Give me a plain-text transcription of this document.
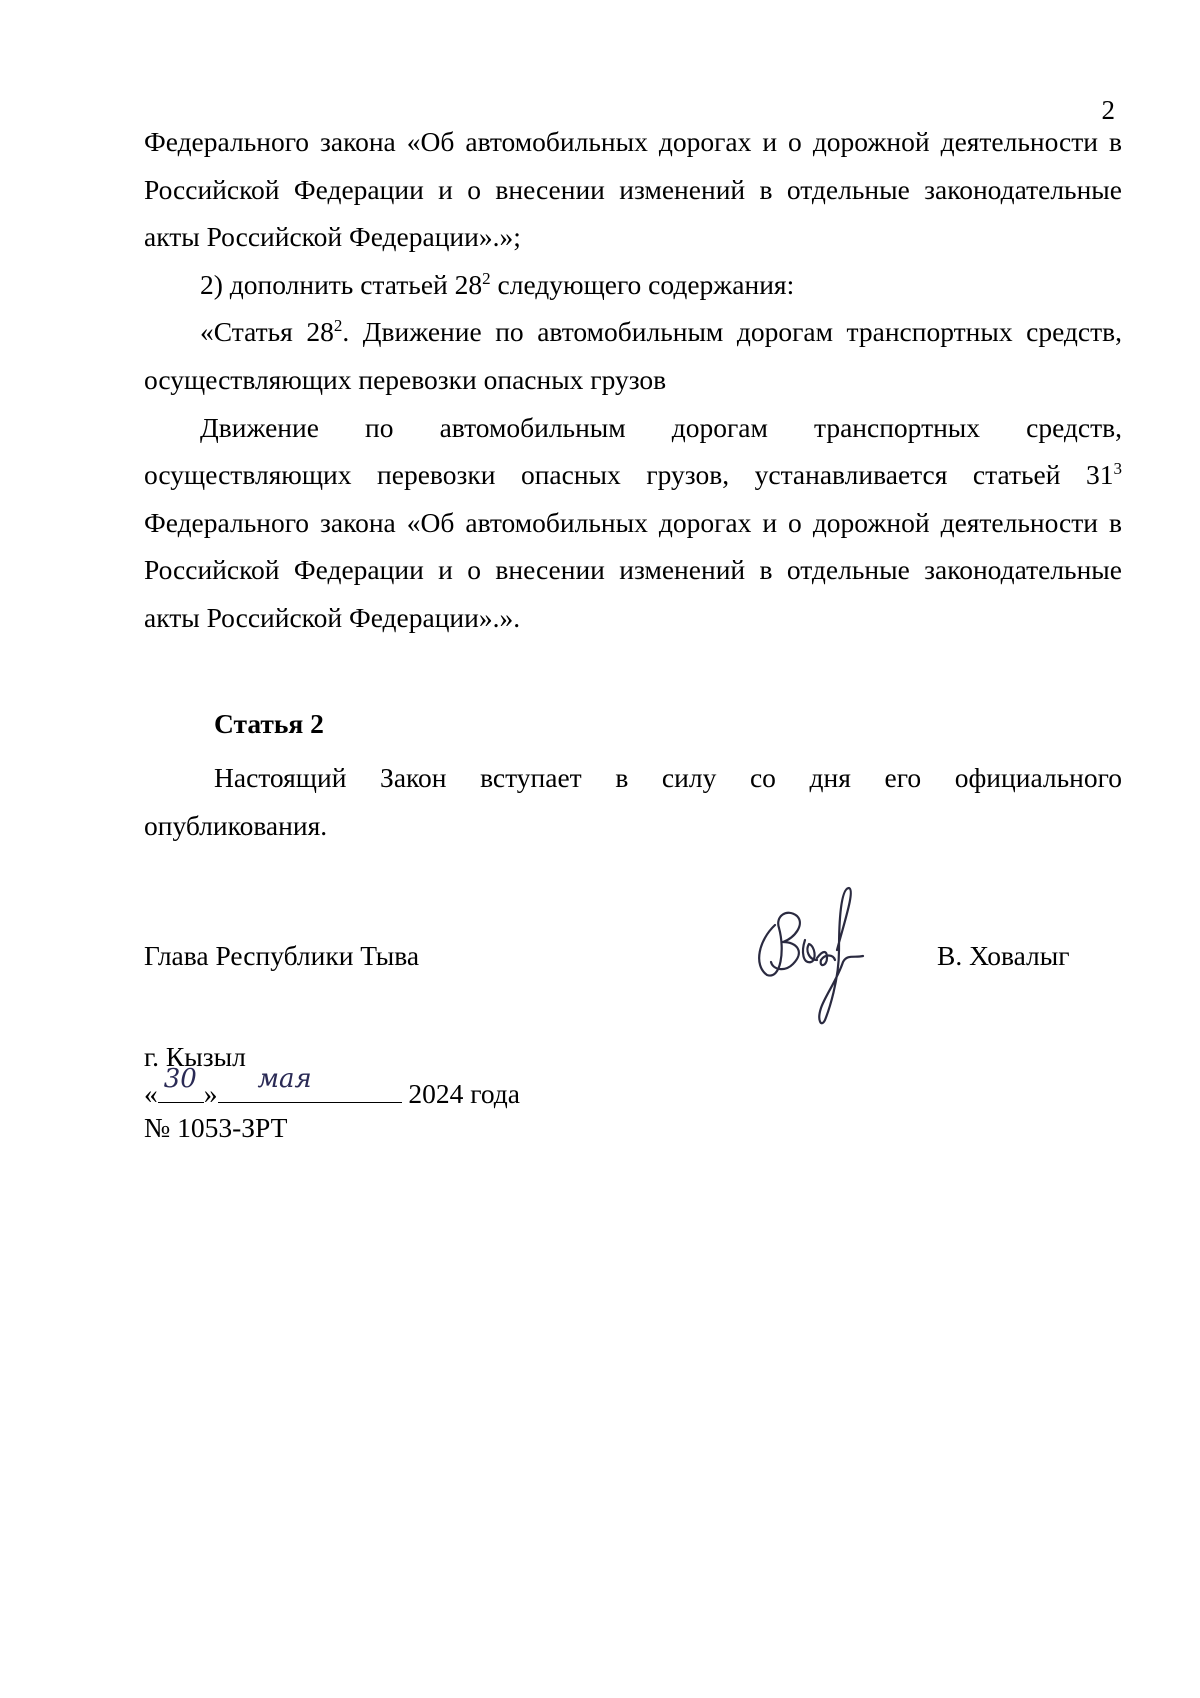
2
Федерального закона «Об автомобильных дорогах и о дорожной деятельности в
Российской Федерации и о внесении изменений в отдельные законодательные
акты Российской Федерации».»;
2) дополнить статьей $28^2$ следующего содержания:
«Статья $28^2$. Движение по автомобильным дорогам транспортных средств,
осуществляющих перевозки опасных грузов
Движение по автомобильным дорогам транспортных средств,
осуществляющих перевозки опасных грузов, устанавливается статьей $31^3$
Федерального закона «Об автомобильных дорогах и о дорожной деятельности в
Российской Федерации и о внесении изменений в отдельные законодательные
акты Российской Федерации».».
Статья 2
Настоящий Закон вступает в силу со дня его официального
опубликования.
Глава Республики Тыва	В. Ховалыг
г. Кызыл
« 30 » мая	2024 года
№ 1053-ЗРТ
